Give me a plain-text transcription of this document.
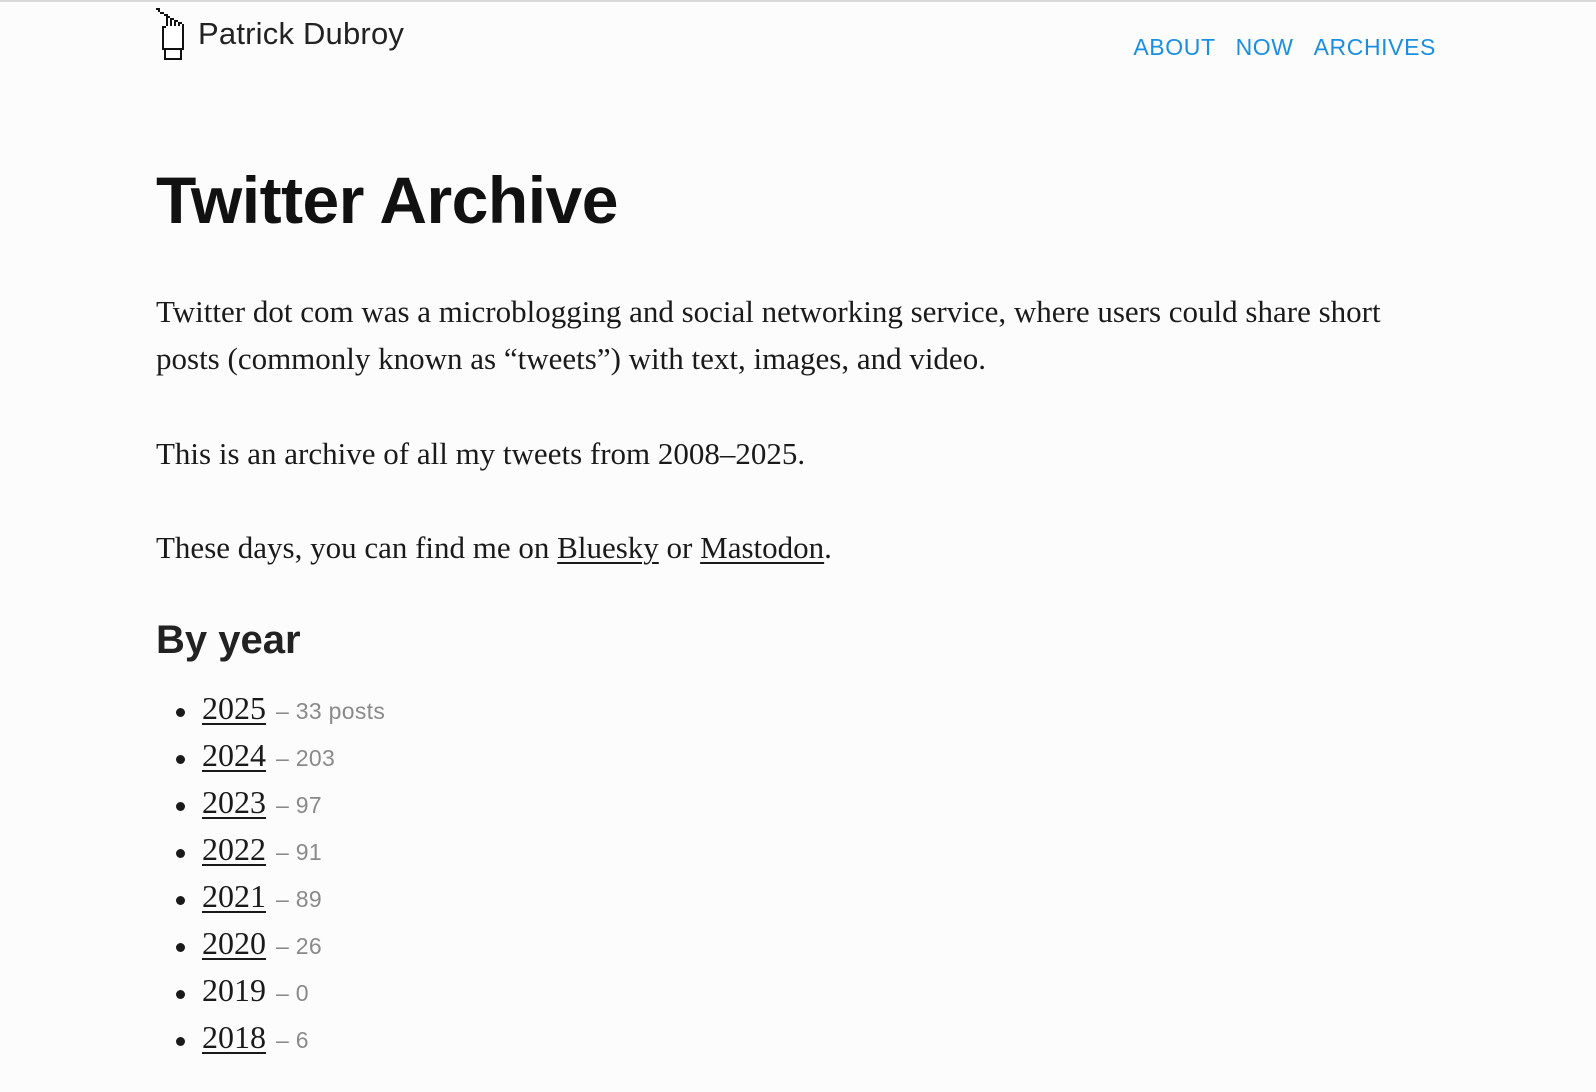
Patrick Dubroy	ABOUT NOW ARCHIVES
Twitter Archive

Twitter dot com was a microblogging and social networking service, where users could share short posts (commonly known as “tweets”) with text, images, and video.

This is an archive of all my tweets from 2008–2025.

These days, you can find me on Bluesky or Mastodon.

By year
2025 – 33 posts
2024 – 203
2023 – 97
2022 – 91
2021 – 89
2020 – 26
2019 – 0
2018 – 6
